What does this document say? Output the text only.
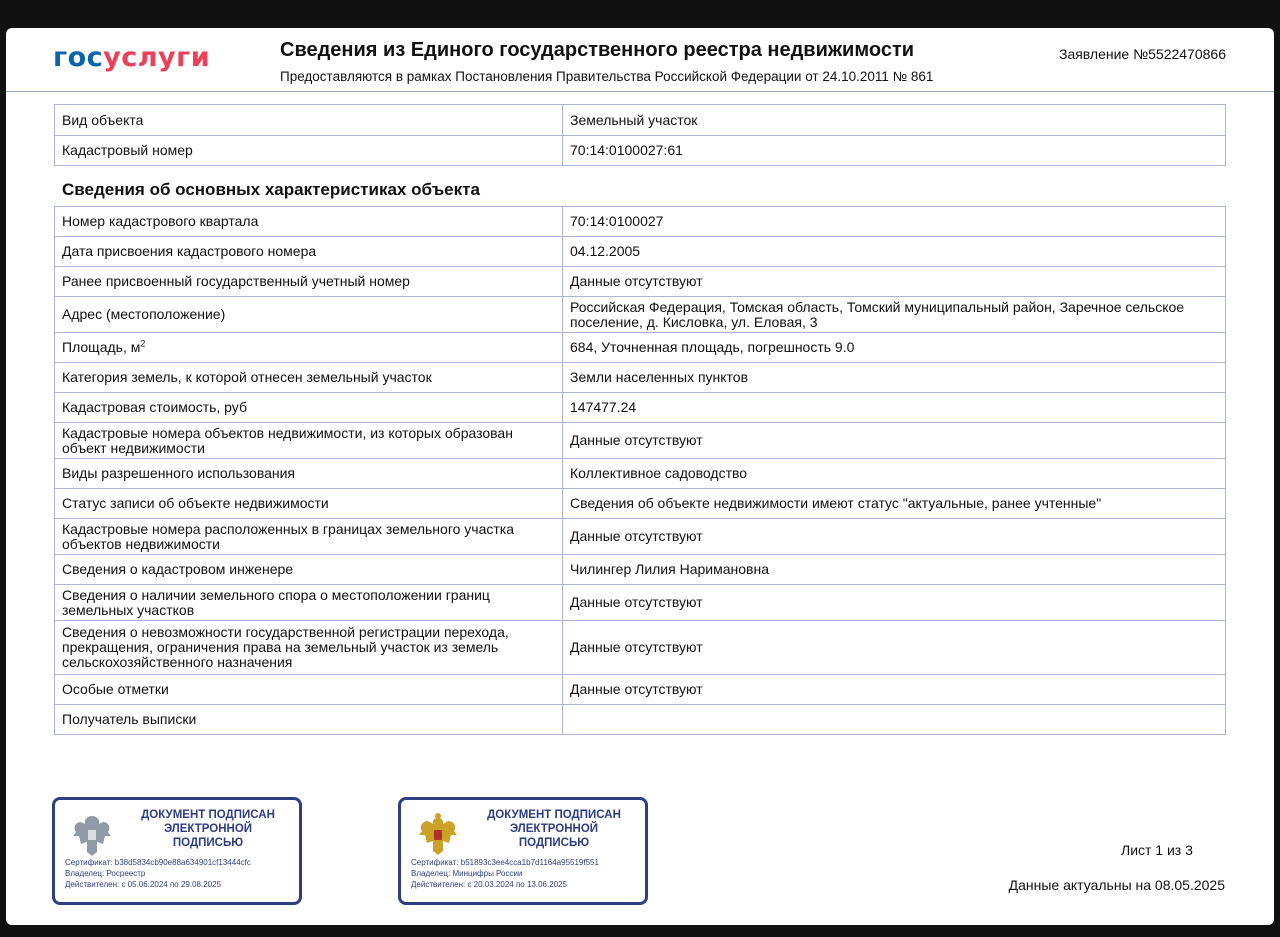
госуслуги	Сведения из Единого государственного реестра недвижимости
Предоставляются в рамках Постановления Правительства Российской Федерации от 24.10.2011 № 861
Заявление №5522470866
Вид объекта	Земельный участок
Кадастровый номер	70:14:0100027:61
Сведения об основных характеристиках объекта
Номер кадастрового квартала	70:14:0100027
Дата присвоения кадастрового номера	04.12.2005
Ранее присвоенный государственный учетный номер	Данные отсутствуют
Адрес (местоположение)	Российская Федерация, Томская область, Томский муниципальный район, Заречное сельское поселение, д. Кисловка, ул. Еловая, 3
Площадь, $м^2$	684, Уточненная площадь, погрешность 9.0
Категория земель, к которой отнесен земельный участок	Земли населенных пунктов
Кадастровая стоимость, руб	147477.24
Кадастровые номера объектов недвижимости, из которых образован объект недвижимости	Данные отсутствуют
Виды разрешенного использования	Коллективное садоводство
Статус записи об объекте недвижимости	Сведения об объекте недвижимости имеют статус "актуальные, ранее учтенные"
Кадастровые номера расположенных в границах земельного участка объектов недвижимости	Данные отсутствуют
Сведения о кадастровом инженере	Чилингер Лилия Наримановна
Сведения о наличии земельного спора о местоположении границ земельных участков	Данные отсутствуют
Сведения о невозможности государственной регистрации перехода, прекращения, ограничения права на земельный участок из земель сельскохозяйственного назначения	Данные отсутствуют
Особые отметки	Данные отсутствуют
Получатель выписки	
ДОКУМЕНТ ПОДПИСАН
ЭЛЕКТРОННОЙ
ПОДПИСЬЮ
Сертификат: b38d5834cb90e88a634901cf13444cfc
Владелец: Росреестр
Действителен: с 05.06.2024 по 29.08.2025
ДОКУМЕНТ ПОДПИСАН
ЭЛЕКТРОННОЙ
ПОДПИСЬЮ
Сертификат: b51893c3ee4cca1b7d1164a95519f551
Владелец: Минцифры России
Действителен: с 20.03.2024 по 13.06.2025
Лист 1 из 3
Данные актуальны на 08.05.2025
